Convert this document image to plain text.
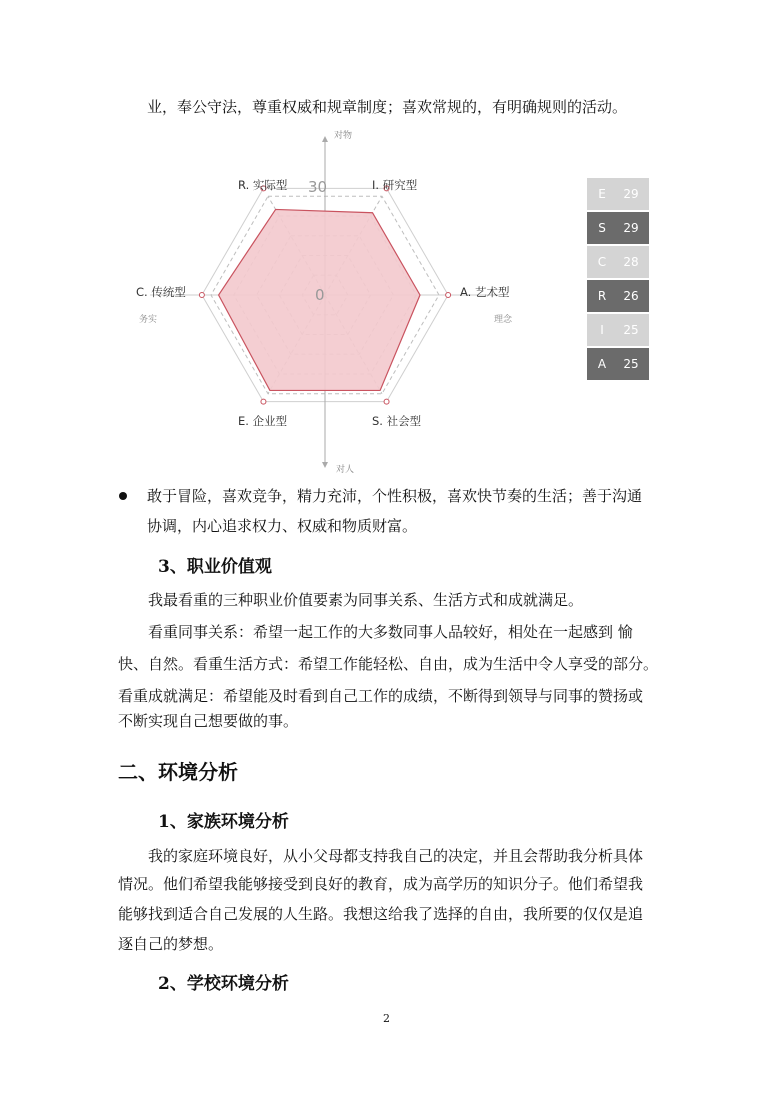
业，奉公守法，尊重权威和规章制度；喜欢常规的，有明确规则的活动。
对物
对人
务实	理念
30
0
R. 实际型	I. 研究型
A. 艺术型
S. 社会型
E. 企业型
C. 传统型
E	29
S	29
C	28
R	26
I	25
A	25
敢于冒险，喜欢竞争，精力充沛，个性积极，喜欢快节奏的生活；善于沟通
协调，内心追求权力、权威和物质财富。
3、职业价值观
我最看重的三种职业价值要素为同事关系、生活方式和成就满足。
看重同事关系：希望一起工作的大多数同事人品较好，相处在一起感到 愉
快、自然。看重生活方式：希望工作能轻松、自由，成为生活中令人享受的部分。
看重成就满足：希望能及时看到自己工作的成绩，不断得到领导与同事的赞扬或
不断实现自己想要做的事。
二、环境分析
1、家族环境分析
我的家庭环境良好，从小父母都支持我自己的决定，并且会帮助我分析具体
情况。他们希望我能够接受到良好的教育，成为高学历的知识分子。他们希望我
能够找到适合自己发展的人生路。我想这给我了选择的自由，我所要的仅仅是追
逐自己的梦想。
2、学校环境分析
2
